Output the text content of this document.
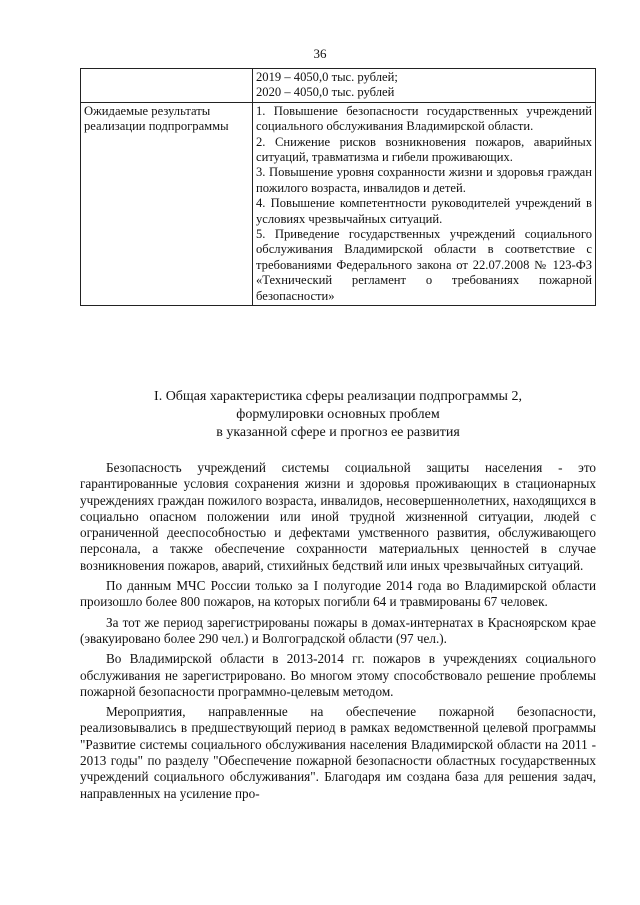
36

	2019 – 4050,0 тыс. рублей;
2020 – 4050,0 тыс. рублей

Ожидаемые результаты реализации подпрограммы	1. Повышение безопасности государственных учреждений социального обслуживания Владимирской области.
2. Снижение рисков возникновения пожаров, аварийных ситуаций, травматизма и гибели проживающих.
3. Повышение уровня сохранности жизни и здоровья граждан пожилого возраста, инвалидов и детей.
4. Повышение компетентности руководителей учреждений в условиях чрезвычайных ситуаций.
5. Приведение государственных учреждений социального обслуживания Владимирской области в соответствие с требованиями Федерального закона от 22.07.2008 № 123-ФЗ «Технический регламент о требованиях пожарной безопасности»
I. Общая характеристика сферы реализации подпрограммы 2,
формулировки основных проблем
в указанной сфере и прогноз ее развития

Безопасность учреждений системы социальной защиты населения - это гарантированные условия сохранения жизни и здоровья проживающих в стационарных учреждениях граждан пожилого возраста, инвалидов, несовершеннолетних, находящихся в социально опасном положении или иной трудной жизненной ситуации, людей с ограниченной дееспособностью и дефектами умственного развития, обслуживающего персонала, а также обеспечение сохранности материальных ценностей в случае возникновения пожаров, аварий, стихийных бедствий или иных чрезвычайных ситуаций.

По данным МЧС России только за I полугодие 2014 года во Владимирской области произошло более 800 пожаров, на которых погибли 64 и травмированы 67 человек.

За тот же период зарегистрированы пожары в домах-интернатах в Красноярском крае (эвакуировано более 290 чел.) и Волгоградской области (97 чел.).

Во Владимирской области в 2013-2014 гг. пожаров в учреждениях социального обслуживания не зарегистрировано. Во многом этому способствовало решение проблемы пожарной безопасности программно-целевым методом.

Мероприятия, направленные на обеспечение пожарной безопасности, реализовывались в предшествующий период в рамках ведомственной целевой программы "Развитие системы социального обслуживания населения Владимирской области на 2011 - 2013 годы" по разделу "Обеспечение пожарной безопасности областных государственных учреждений социального обслуживания". Благодаря им создана база для решения задач, направленных на усиление про-
